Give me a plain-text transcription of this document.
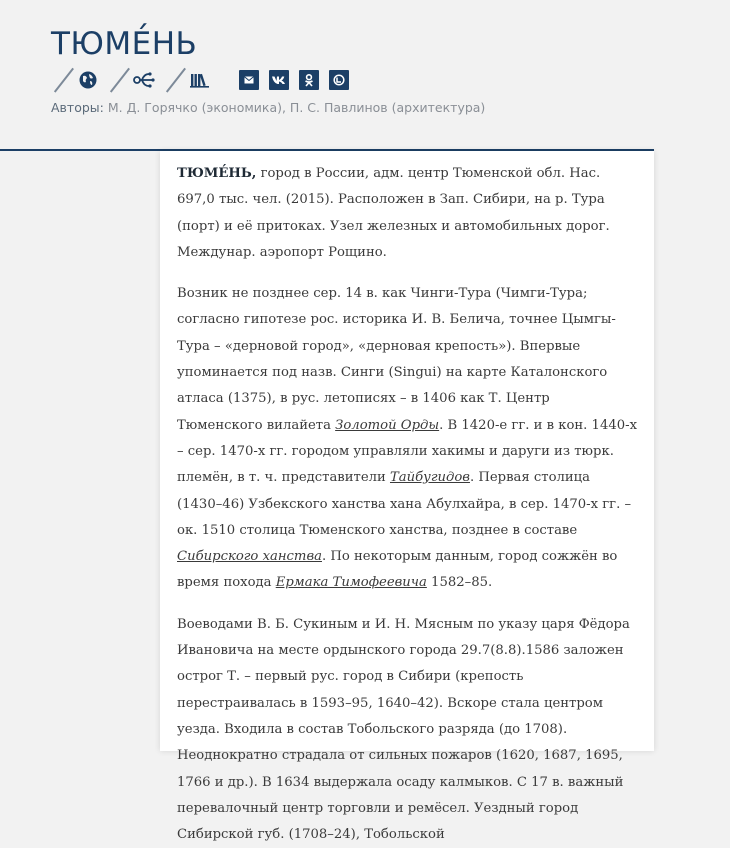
ТЮМЕ́НЬ
Авторы: М. Д. Горячко (экономика), П. С. Павлинов (архитектура)

ТЮМЕ́НЬ, город в России, адм. центр Тюменской обл. Нас. 697,0 тыс. чел. (2015). Расположен в Зап. Сибири, на р. Тура (порт) и её притоках. Узел железных и автомобильных дорог. Междунар. аэропорт Рощино.

Возник не позднее сер. 14 в. как Чинги-Тура (Чимги-Тура; согласно гипотезе рос. историка И. В. Белича, точнее Цымгы-Тура – «дерновой город», «дерновая крепость»). Впервые упоминается под назв. Синги (Singui) на карте Каталонского атласа (1375), в рус. летописях – в 1406 как Т. Центр Тюменского вилайета Золотой Орды. В 1420-е гг. и в кон. 1440-х – сер. 1470-х гг. городом управляли хакимы и даруги из тюрк. племён, в т. ч. представители Тайбугидов. Первая столица (1430–46) Узбекского ханства хана Абулхайра, в сер. 1470-х гг. – ок. 1510 столица Тюменского ханства, позднее в составе Сибирского ханства. По некоторым данным, город сожжён во время похода Ермака Тимофеевича 1582–85.

Воеводами В. Б. Сукиным и И. Н. Мясным по указу царя Фёдора Ивановича на месте ордынского города 29.7(8.8).1586 заложен острог Т. – первый рус. город в Сибири (крепость перестраивалась в 1593–95, 1640–42). Вскоре стала центром уезда. Входила в состав Тобольского разряда (до 1708). Неоднократно страдала от сильных пожаров (1620, 1687, 1695, 1766 и др.). В 1634 выдержала осаду калмыков. С 17 в. важный перевалочный центр торговли и ремёсел. Уездный город Сибирской губ. (1708–24), Тобольской
